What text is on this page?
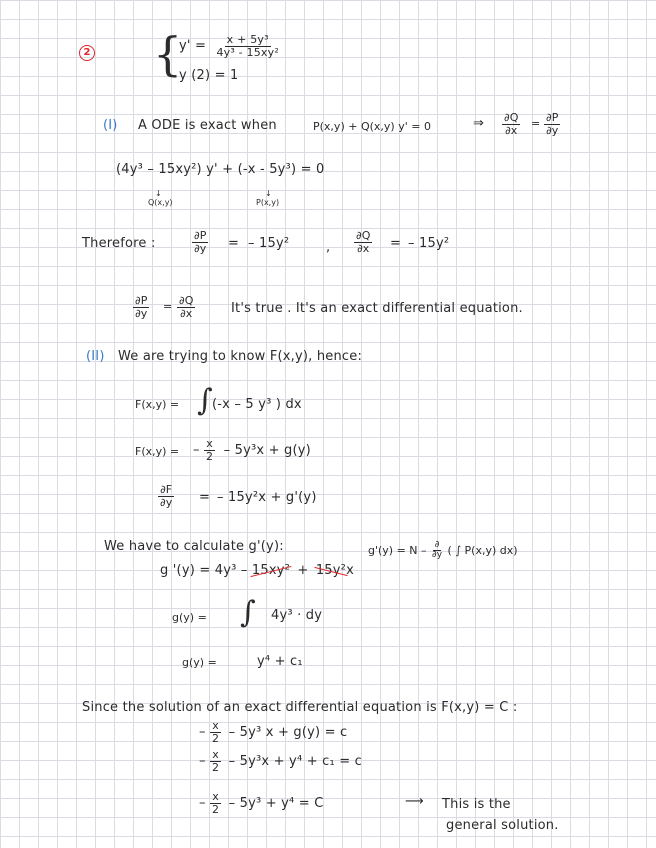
2 {
$y' = \frac{\text{x + 5y³}}{\text{4y³ - 15xy²}}$
y (2) = 1
(I) A ODE is exact when	P(x,y) + Q(x,y) y' = 0	⇒ $\frac{\partial Q}{\partial x} = \frac{\partial P}{\partial y}$
(4y³ – 15xy²) y' + (-x - 5y³) = 0
↓
Q(x,y)
↓
P(x,y)
Therefore :	$\frac{\partial P}{\partial y}$ = – 15y²	, $\frac{\partial Q}{\partial x}$ = – 15y²
$\frac{\partial P}{\partial y} = \frac{\partial Q}{\partial x}$	It's true . It's an exact differential equation.
(II) We are trying to know F(x,y), hence:
F(x,y) = ∫ (-x – 5 y³ ) dx
F(x,y) = – $\frac{x}{2} - 5y^3x + g(y)$
$\frac{\partial F}{\partial y}$ = – 15y²x + g'(y)
We have to calculate g'(y):	$g'(y) = N - \frac{\partial}{\partial y}$ ( ∫ P(x,y) dx)
g '(y) = 4y³ – 15xy² + 15y²x
g(y) = ∫ 4y³ · dy
g(y) =	y⁴ + c₁
Since the solution of an exact differential equation is F(x,y) = C :
– $\frac{x}{2} - 5y^3$ x + g(y) = c
– $\frac{x}{2} - 5y^3x + y^4 + c_1 = c$
– $\frac{x}{2} - 5y^3 + y^4 = C$	⟶ This is the
general solution.
